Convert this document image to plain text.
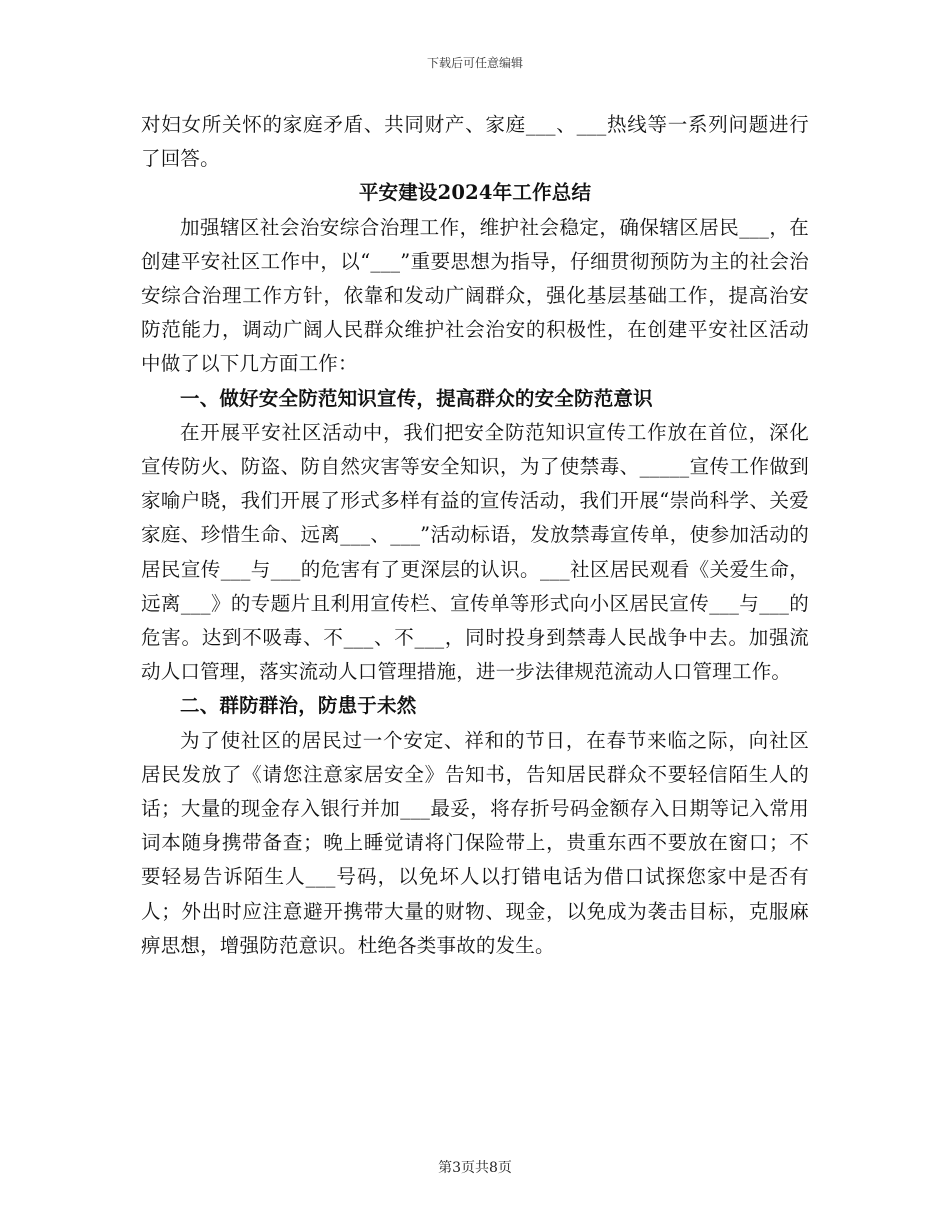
下载后可任意编辑

对妇女所关怀的家庭矛盾、共同财产、家庭___、___热线等一系列问题进行了回答。

平安建设2024年工作总结

加强辖区社会治安综合治理工作，维护社会稳定，确保辖区居民___，在创建平安社区工作中，以“___”重要思想为指导，仔细贯彻预防为主的社会治安综合治理工作方针，依靠和发动广阔群众，强化基层基础工作，提高治安防范能力，调动广阔人民群众维护社会治安的积极性，在创建平安社区活动中做了以下几方面工作：

一、做好安全防范知识宣传，提高群众的安全防范意识

在开展平安社区活动中，我们把安全防范知识宣传工作放在首位，深化宣传防火、防盗、防自然灾害等安全知识，为了使禁毒、_____宣传工作做到家喻户晓，我们开展了形式多样有益的宣传活动，我们开展“崇尚科学、关爱家庭、珍惜生命、远离___、___”活动标语，发放禁毒宣传单，使参加活动的居民宣传___与___的危害有了更深层的认识。___社区居民观看《关爱生命，远离___》的专题片且利用宣传栏、宣传单等形式向小区居民宣传___与___的危害。达到不吸毒、不___、不___，同时投身到禁毒人民战争中去。加强流动人口管理，落实流动人口管理措施，进一步法律规范流动人口管理工作。

二、群防群治，防患于未然

为了使社区的居民过一个安定、祥和的节日，在春节来临之际，向社区居民发放了《请您注意家居安全》告知书，告知居民群众不要轻信陌生人的话；大量的现金存入银行并加___最妥，将存折号码金额存入日期等记入常用词本随身携带备查；晚上睡觉请将门保险带上，贵重东西不要放在窗口；不要轻易告诉陌生人___号码，以免坏人以打错电话为借口试探您家中是否有人；外出时应注意避开携带大量的财物、现金，以免成为袭击目标，克服麻痹思想，增强防范意识。杜绝各类事故的发生。

第3页共8页
